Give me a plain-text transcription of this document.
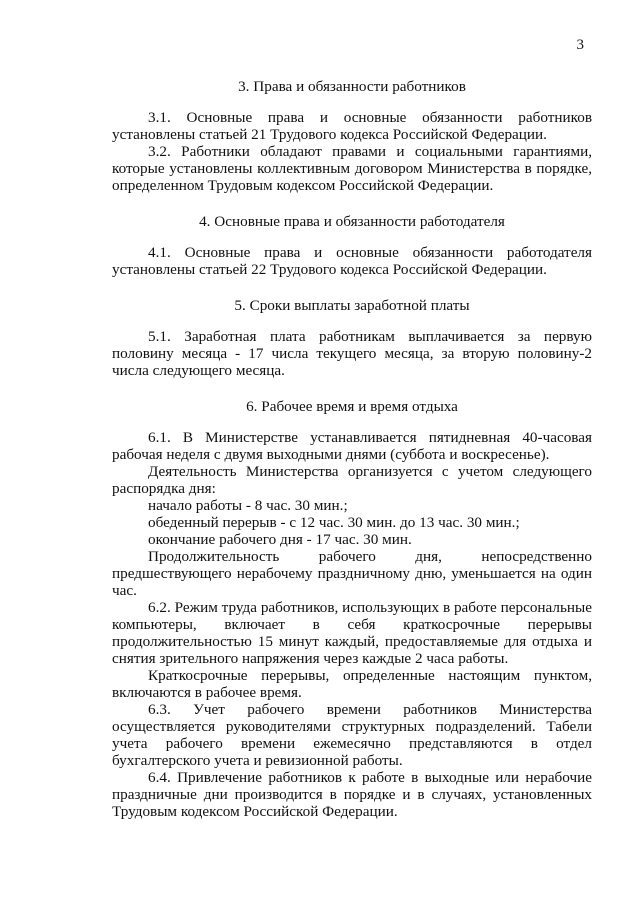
3
3. Права и обязанности работников

3.1. Основные права и основные обязанности работников установлены статьей 21 Трудового кодекса Российской Федерации.

3.2. Работники обладают правами и социальными гарантиями, которые установлены коллективным договором Министерства в порядке, определенном Трудовым кодексом Российской Федерации.

4. Основные права и обязанности работодателя

4.1. Основные права и основные обязанности работодателя установлены статьей 22 Трудового кодекса Российской Федерации.

5. Сроки выплаты заработной платы

5.1. Заработная плата работникам выплачивается за первую половину месяца - 17 числа текущего месяца, за вторую половину-2 числа следующего месяца.

6. Рабочее время и время отдыха

6.1. В Министерстве устанавливается пятидневная 40-часовая рабочая неделя с двумя выходными днями (суббота и воскресенье).

Деятельность Министерства организуется с учетом следующего распорядка дня:

начало работы - 8 час. 30 мин.;

обеденный перерыв - с 12 час. 30 мин. до 13 час. 30 мин.;

окончание рабочего дня - 17 час. 30 мин.

Продолжительность рабочего дня, непосредственно предшествующего нерабочему праздничному дню, уменьшается на один час.

6.2. Режим труда работников, использующих в работе персональные компьютеры, включает в себя краткосрочные перерывы продолжительностью 15 минут каждый, предоставляемые для отдыха и снятия зрительного напряжения через каждые 2 часа работы.

Краткосрочные перерывы, определенные настоящим пунктом, включаются в рабочее время.

6.3. Учет рабочего времени работников Министерства осуществляется руководителями структурных подразделений. Табели учета рабочего времени ежемесячно представляются в отдел бухгалтерского учета и ревизионной работы.

6.4. Привлечение работников к работе в выходные или нерабочие праздничные дни производится в порядке и в случаях, установленных Трудовым кодексом Российской Федерации.
